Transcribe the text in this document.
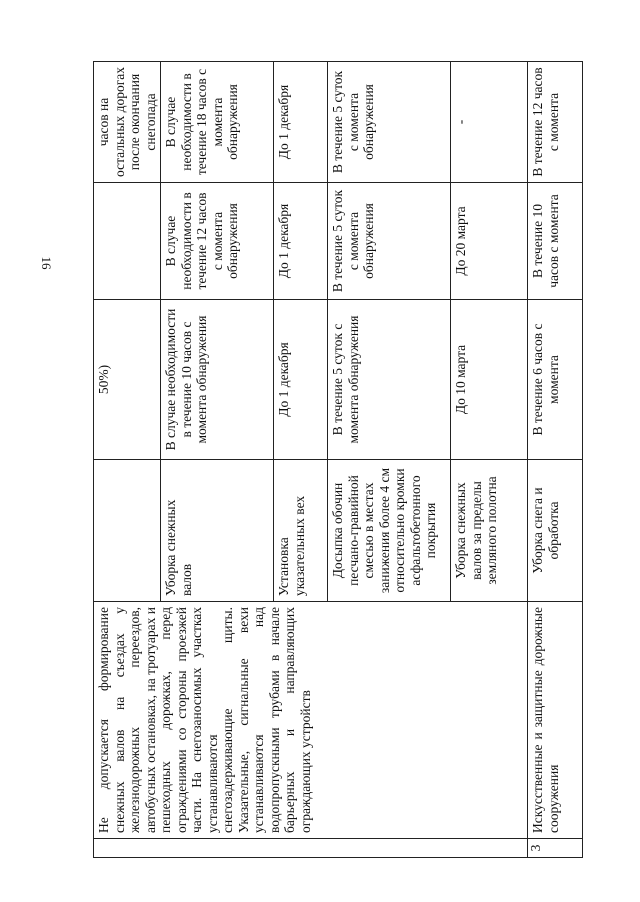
16
	Не допускается формирование снежных валов на съездах у железнодорожных переездов, автобусных остановках, на тротуарах и пешеходных дорожках, перед ограждениями со стороны проезжей части. На снегозаносимых участках устанавливаются снегозадерживающие щиты. Указательные, сигнальные вехи устанавливаются над водопропускными трубами в начале барьерных и направляющих ограждающих устройств		50%)		часов на остальных дорогах после окончания снегопада
		Уборка снежных валов	В случае необходимости в течение 10 часов с момента обнаружения	В случае необходимости в течение 12 часов с момента обнаружения	В случае необходимости в течение 18 часов с момента обнаружения
		Установка указательных вех	До 1 декабря	До 1 декабря	До 1 декабря
		Досыпка обочин песчано-гравийной смесью в местах занижения более 4 см относительно кромки асфальтобетонного покрытия	В течение 5 суток с момента обнаружения	В течение 5 суток с момента обнаружения	В течение 5 суток с момента обнаружения
		Уборка снежных валов за пределы земляного полотна	До 10 марта	До 20 марта	-
3	Искусственные и защитные дорожные сооружения	Уборка снега и обработка	В течение 6 часов с момента	В течение 10 часов с момента	В течение 12 часов с момента
